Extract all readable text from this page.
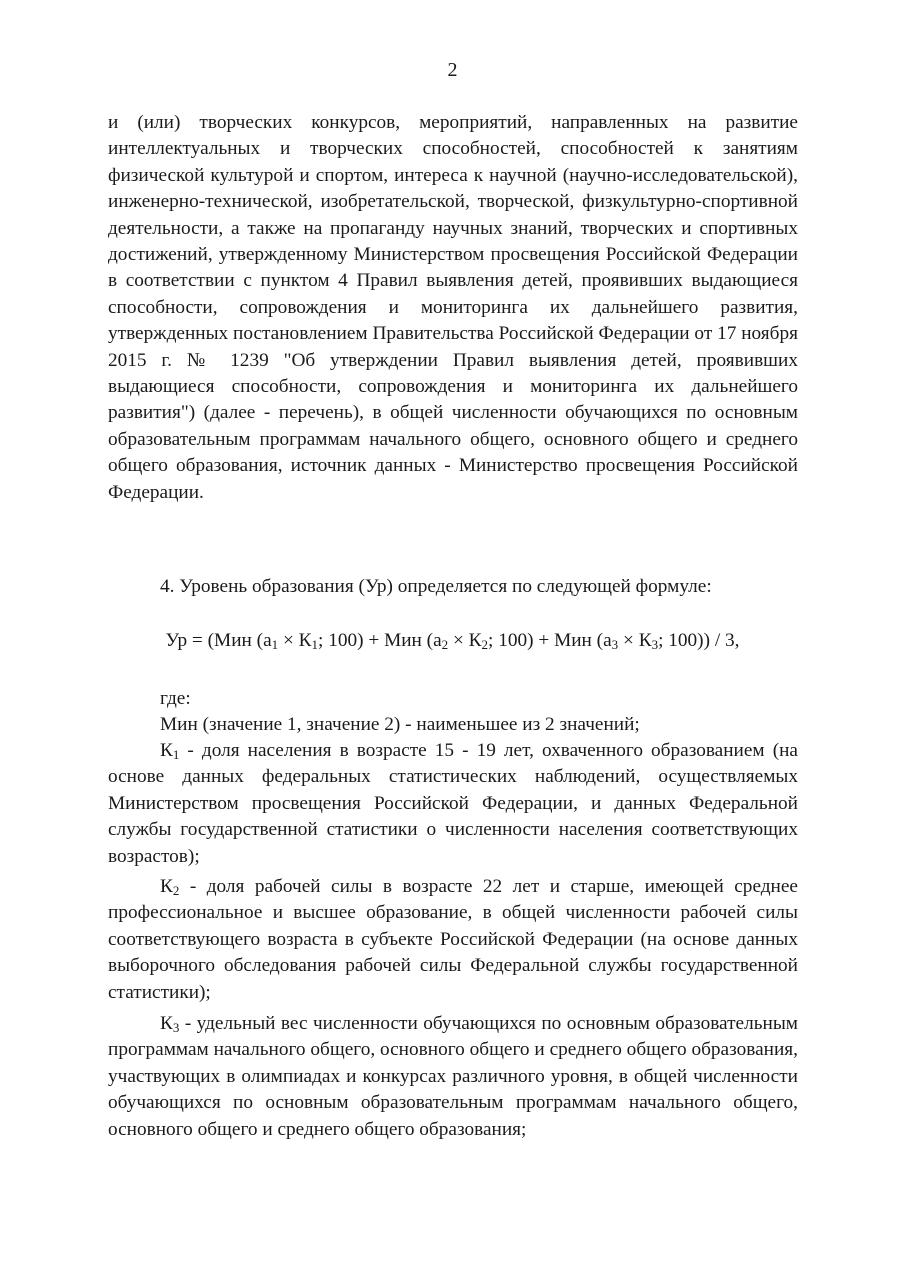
2

и (или) творческих конкурсов, мероприятий, направленных на развитие интеллектуальных и творческих способностей, способностей к занятиям физической культурой и спортом, интереса к научной (научно-исследовательской), инженерно-технической, изобретательской, творческой, физкультурно-спортивной деятельности, а также на пропаганду научных знаний, творческих и спортивных достижений, утвержденному Министерством просвещения Российской Федерации в соответствии с пунктом 4 Правил выявления детей, проявивших выдающиеся способности, сопровождения и мониторинга их дальнейшего развития, утвержденных постановлением Правительства Российской Федерации от 17 ноября 2015 г. № 1239 "Об утверждении Правил выявления детей, проявивших выдающиеся способности, сопровождения и мониторинга их дальнейшего развития") (далее - перечень), в общей численности обучающихся по основным образовательным программам начального общего, основного общего и среднего общего образования, источник данных - Министерство просвещения Российской Федерации.

4. Уровень образования (Ур) определяется по следующей формуле:

Ур = (Мин ($а_1 \times К_1$; 100) + Мин ($а_2 \times К_2$; 100) + Мин ($а_3 \times К_3$; 100)) / 3,

где:

Мин (значение 1, значение 2) - наименьшее из 2 значений;

$К_1$ - доля населения в возрасте 15 - 19 лет, охваченного образованием (на основе данных федеральных статистических наблюдений, осуществляемых Министерством просвещения Российской Федерации, и данных Федеральной службы государственной статистики о численности населения соответствующих возрастов);

$К_2$ - доля рабочей силы в возрасте 22 лет и старше, имеющей среднее профессиональное и высшее образование, в общей численности рабочей силы соответствующего возраста в субъекте Российской Федерации (на основе данных выборочного обследования рабочей силы Федеральной службы государственной статистики);

$К_3$ - удельный вес численности обучающихся по основным образовательным программам начального общего, основного общего и среднего общего образования, участвующих в олимпиадах и конкурсах различного уровня, в общей численности обучающихся по основным образовательным программам начального общего, основного общего и среднего общего образования;
